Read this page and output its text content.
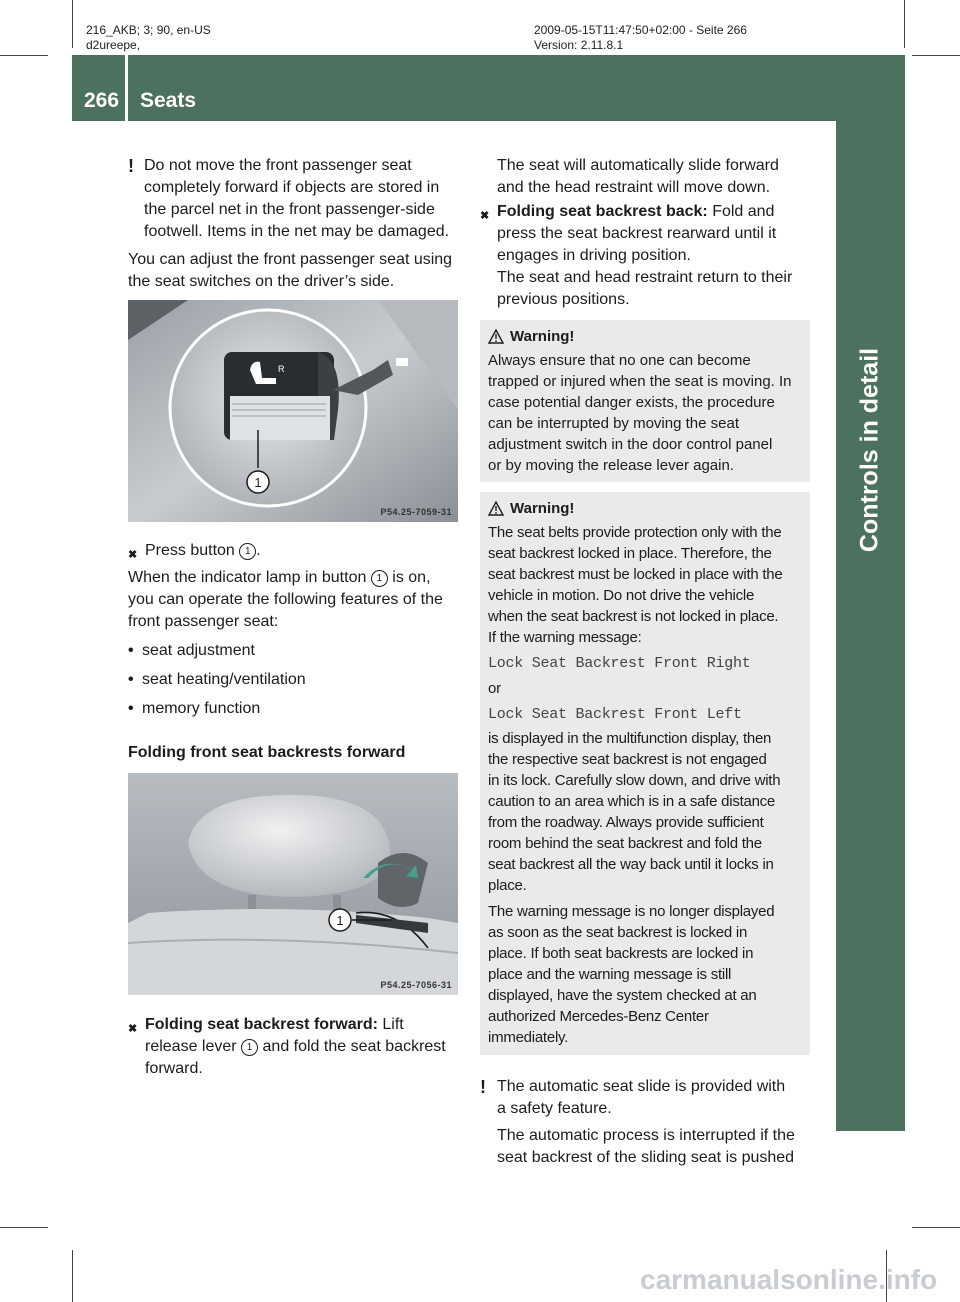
216_AKB; 3; 90, en-US
d2ureepe,
2009-05-15T11:47:50+02:00 - Seite 266
Version: 2.11.8.1
266 Seats
Controls in detail
! Do not move the front passenger seat completely forward if objects are stored in the parcel net in the front passenger-side footwell. Items in the net may be damaged.
You can adjust the front passenger seat using
the seat switches on the driver’s side.
R
1
P54.25-7059-31
✖ Press button 1 .
When the indicator lamp in button 1 is on,
you can operate the following features of the
front passenger seat:
• seat adjustment
• seat heating/ventilation
• memory function
Folding front seat backrests forward
1
P54.25-7056-31
✖ Folding seat backrest forward: Lift
release lever 1 and fold the seat backrest
forward.
The seat will automatically slide forward
and the head restraint will move down.
✖ Folding seat backrest back: Fold and
press the seat backrest rearward until it
engages in driving position.
The seat and head restraint return to their
previous positions.
Warning!
Always ensure that no one can become
trapped or injured when the seat is moving. In
case potential danger exists, the procedure
can be interrupted by moving the seat
adjustment switch in the door control panel
or by moving the release lever again.
Warning!
The seat belts provide protection only with the
seat backrest locked in place. Therefore, the
seat backrest must be locked in place with the
vehicle in motion. Do not drive the vehicle
when the seat backrest is not locked in place.
If the warning message:
Lock Seat Backrest Front Right
or
Lock Seat Backrest Front Left
is displayed in the multifunction display, then
the respective seat backrest is not engaged
in its lock. Carefully slow down, and drive with
caution to an area which is in a safe distance
from the roadway. Always provide sufficient
room behind the seat backrest and fold the
seat backrest all the way back until it locks in
place.
The warning message is no longer displayed
as soon as the seat backrest is locked in
place. If both seat backrests are locked in
place and the warning message is still
displayed, have the system checked at an
authorized Mercedes-Benz Center
immediately.
! The automatic seat slide is provided with
a safety feature.
The automatic process is interrupted if the
seat backrest of the sliding seat is pushed
carmanualsonline.info
